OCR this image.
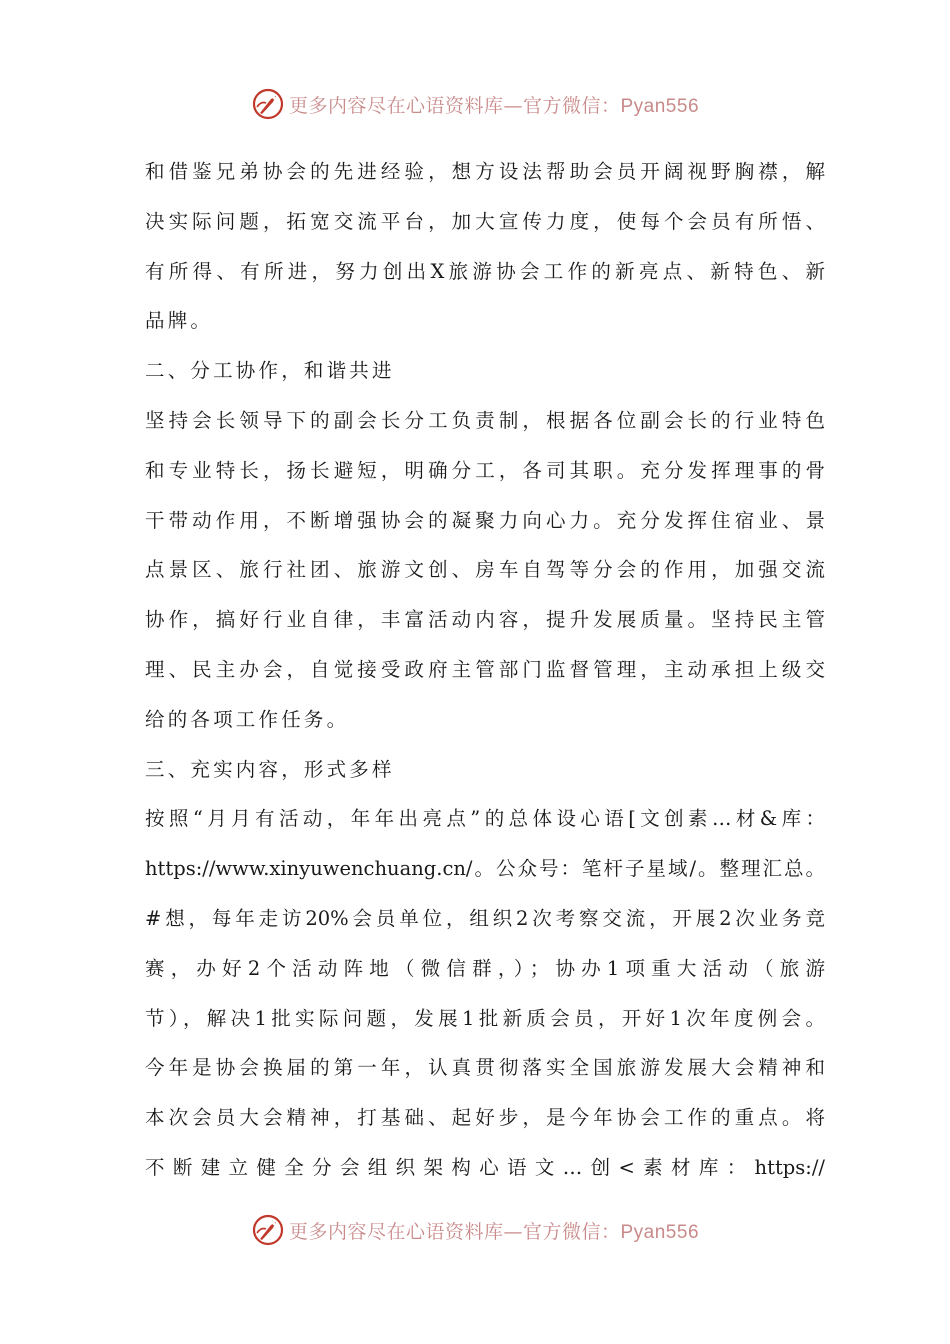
更多内容尽在心语资料库—官方微信：Pyan556
和借鉴兄弟协会的先进经验，想方设法帮助会员开阔视野胸襟，解
决实际问题，拓宽交流平台，加大宣传力度，使每个会员有所悟、
有所得、有所进，努力创出X旅游协会工作的新亮点、新特色、新
品牌。
二、分工协作，和谐共进
坚持会长领导下的副会长分工负责制，根据各位副会长的行业特色
和专业特长，扬长避短，明确分工，各司其职。充分发挥理事的骨
干带动作用，不断增强协会的凝聚力向心力。充分发挥住宿业、景
点景区、旅行社团、旅游文创、房车自驾等分会的作用，加强交流
协作，搞好行业自律，丰富活动内容，提升发展质量。坚持民主管
理、民主办会，自觉接受政府主管部门监督管理，主动承担上级交
给的各项工作任务。
三、充实内容，形式多样
按照“月月有活动，年年出亮点”的总体设心语[文创素…材&库：
https://www.xinyuwenchuang.cn/。公众号：笔杆子星域/。整理汇总。
#想，每年走访20%会员单位，组织2次考察交流，开展2次业务竞
赛，办好2个活动阵地（微信群，）；协办1项重大活动（旅游
节），解决1批实际问题，发展1批新质会员，开好1次年度例会。
今年是协会换届的第一年，认真贯彻落实全国旅游发展大会精神和
本次会员大会精神，打基础、起好步，是今年协会工作的重点。将
不断建立健全分会组织架构心语文…创<素材库：https://
更多内容尽在心语资料库—官方微信：Pyan556
